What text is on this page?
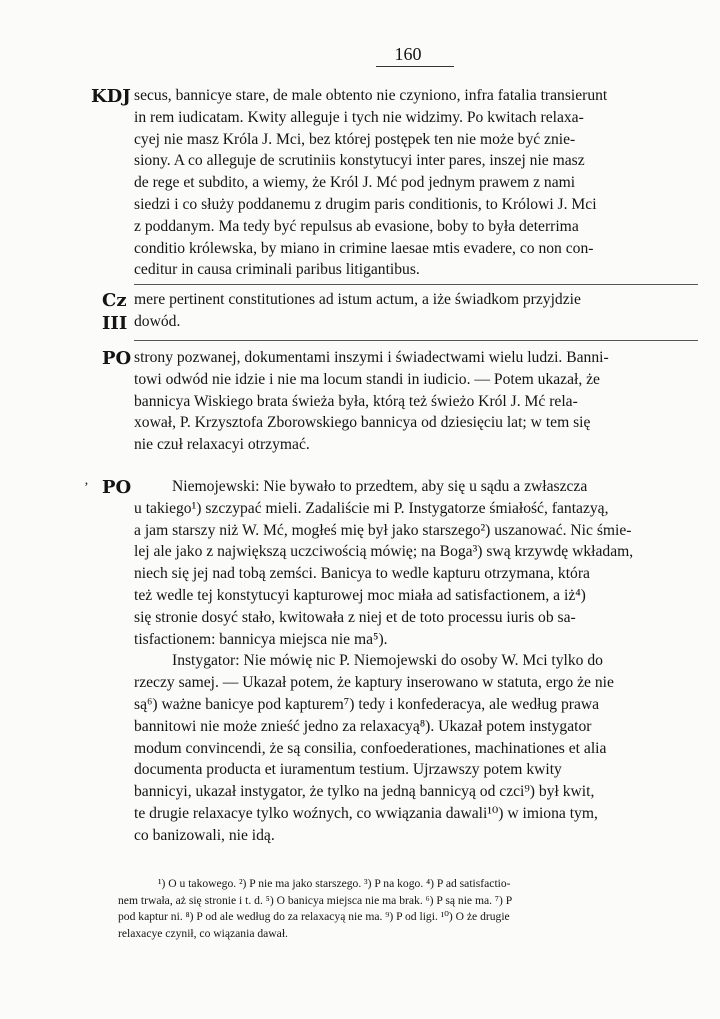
160
KDJ secus, bannicye stare, de male obtento nie czyniono, infra fatalia transierunt
in rem iudicatam. Kwity alleguje i tych nie widzimy. Po kwitach relaxa-
cyej nie masz Króla J. Mci, bez której postępek ten nie może być znie-
siony. A co alleguje de scrutiniis konstytucyi inter pares, inszej nie masz
de rege et subdito, a wiemy, że Król J. Mć pod jednym prawem z nami
siedzi i co służy poddanemu z drugim paris conditionis, to Królowi J. Mci
z poddanym. Ma tedy być repulsus ab evasione, boby to była deterrima
conditio królewska, by miano in crimine laesae mtis evadere, co non con-
ceditur in causa criminali paribus litigantibus.
Cz
III
mere pertinent constitutiones ad istum actum, a iże świadkom przyjdzie
dowód.
PO strony pozwanej, dokumentami inszymi i świadectwami wielu ludzi. Banni-
towi odwód nie idzie i nie ma locum standi in iudicio. — Potem ukazał, że
bannicya Wiskiego brata świeża była, którą też świeżo Król J. Mć rela-
xował, P. Krzysztofa Zborowskiego bannicya od dziesięciu lat; w tem się
nie czuł relaxacyi otrzymać.
‚ PO	Niemojewski: Nie bywało to przedtem, aby się u sądu a zwłaszcza
u takiego¹) szczypać mieli. Zadaliście mi P. Instygatorze śmiałość, fantazyą,
a jam starszy niż W. Mć, mogłeś mię był jako starszego²) uszanować. Nic śmie-
lej ale jako z największą uczciwością mówię; na Boga³) swą krzywdę wkładam,
niech się jej nad tobą zemści. Banicya to wedle kapturu otrzymana, która
też wedle tej konstytucyi kapturowej moc miała ad satisfactionem, a iż⁴)
się stronie dosyć stało, kwitowała z niej et de toto processu iuris ob sa-
tisfactionem: bannicya miejsca nie ma⁵).
Instygator: Nie mówię nic P. Niemojewski do osoby W. Mci tylko do
rzeczy samej. — Ukazał potem, że kaptury inserowano w statuta, ergo że nie
są⁶) ważne banicye pod kapturem⁷) tedy i konfederacya, ale według prawa
bannitowi nie może znieść jedno za relaxacyą⁸). Ukazał potem instygator
modum convincendi, że są consilia, confoederationes, machinationes et alia
documenta producta et iuramentum testium. Ujrzawszy potem kwity
bannicyi, ukazał instygator, że tylko na jedną bannicyą od czci⁹) był kwit,
te drugie relaxacye tylko woźnych, co wwiązania dawali¹⁰) w imiona tym,
co banizowali, nie idą.
¹) O u takowego. ²) P nie ma jako starszego. ³) P na kogo. ⁴) P ad satisfactio-
nem trwała, aż się stronie i t. d. ⁵) O banicya miejsca nie ma brak. ⁶) P są nie ma. ⁷) P
pod kaptur ni. ⁸) P od ale według do za relaxacyą nie ma. ⁹) P od ligi. ¹⁰) O że drugie
relaxacye czynił, co wiązania dawał.
